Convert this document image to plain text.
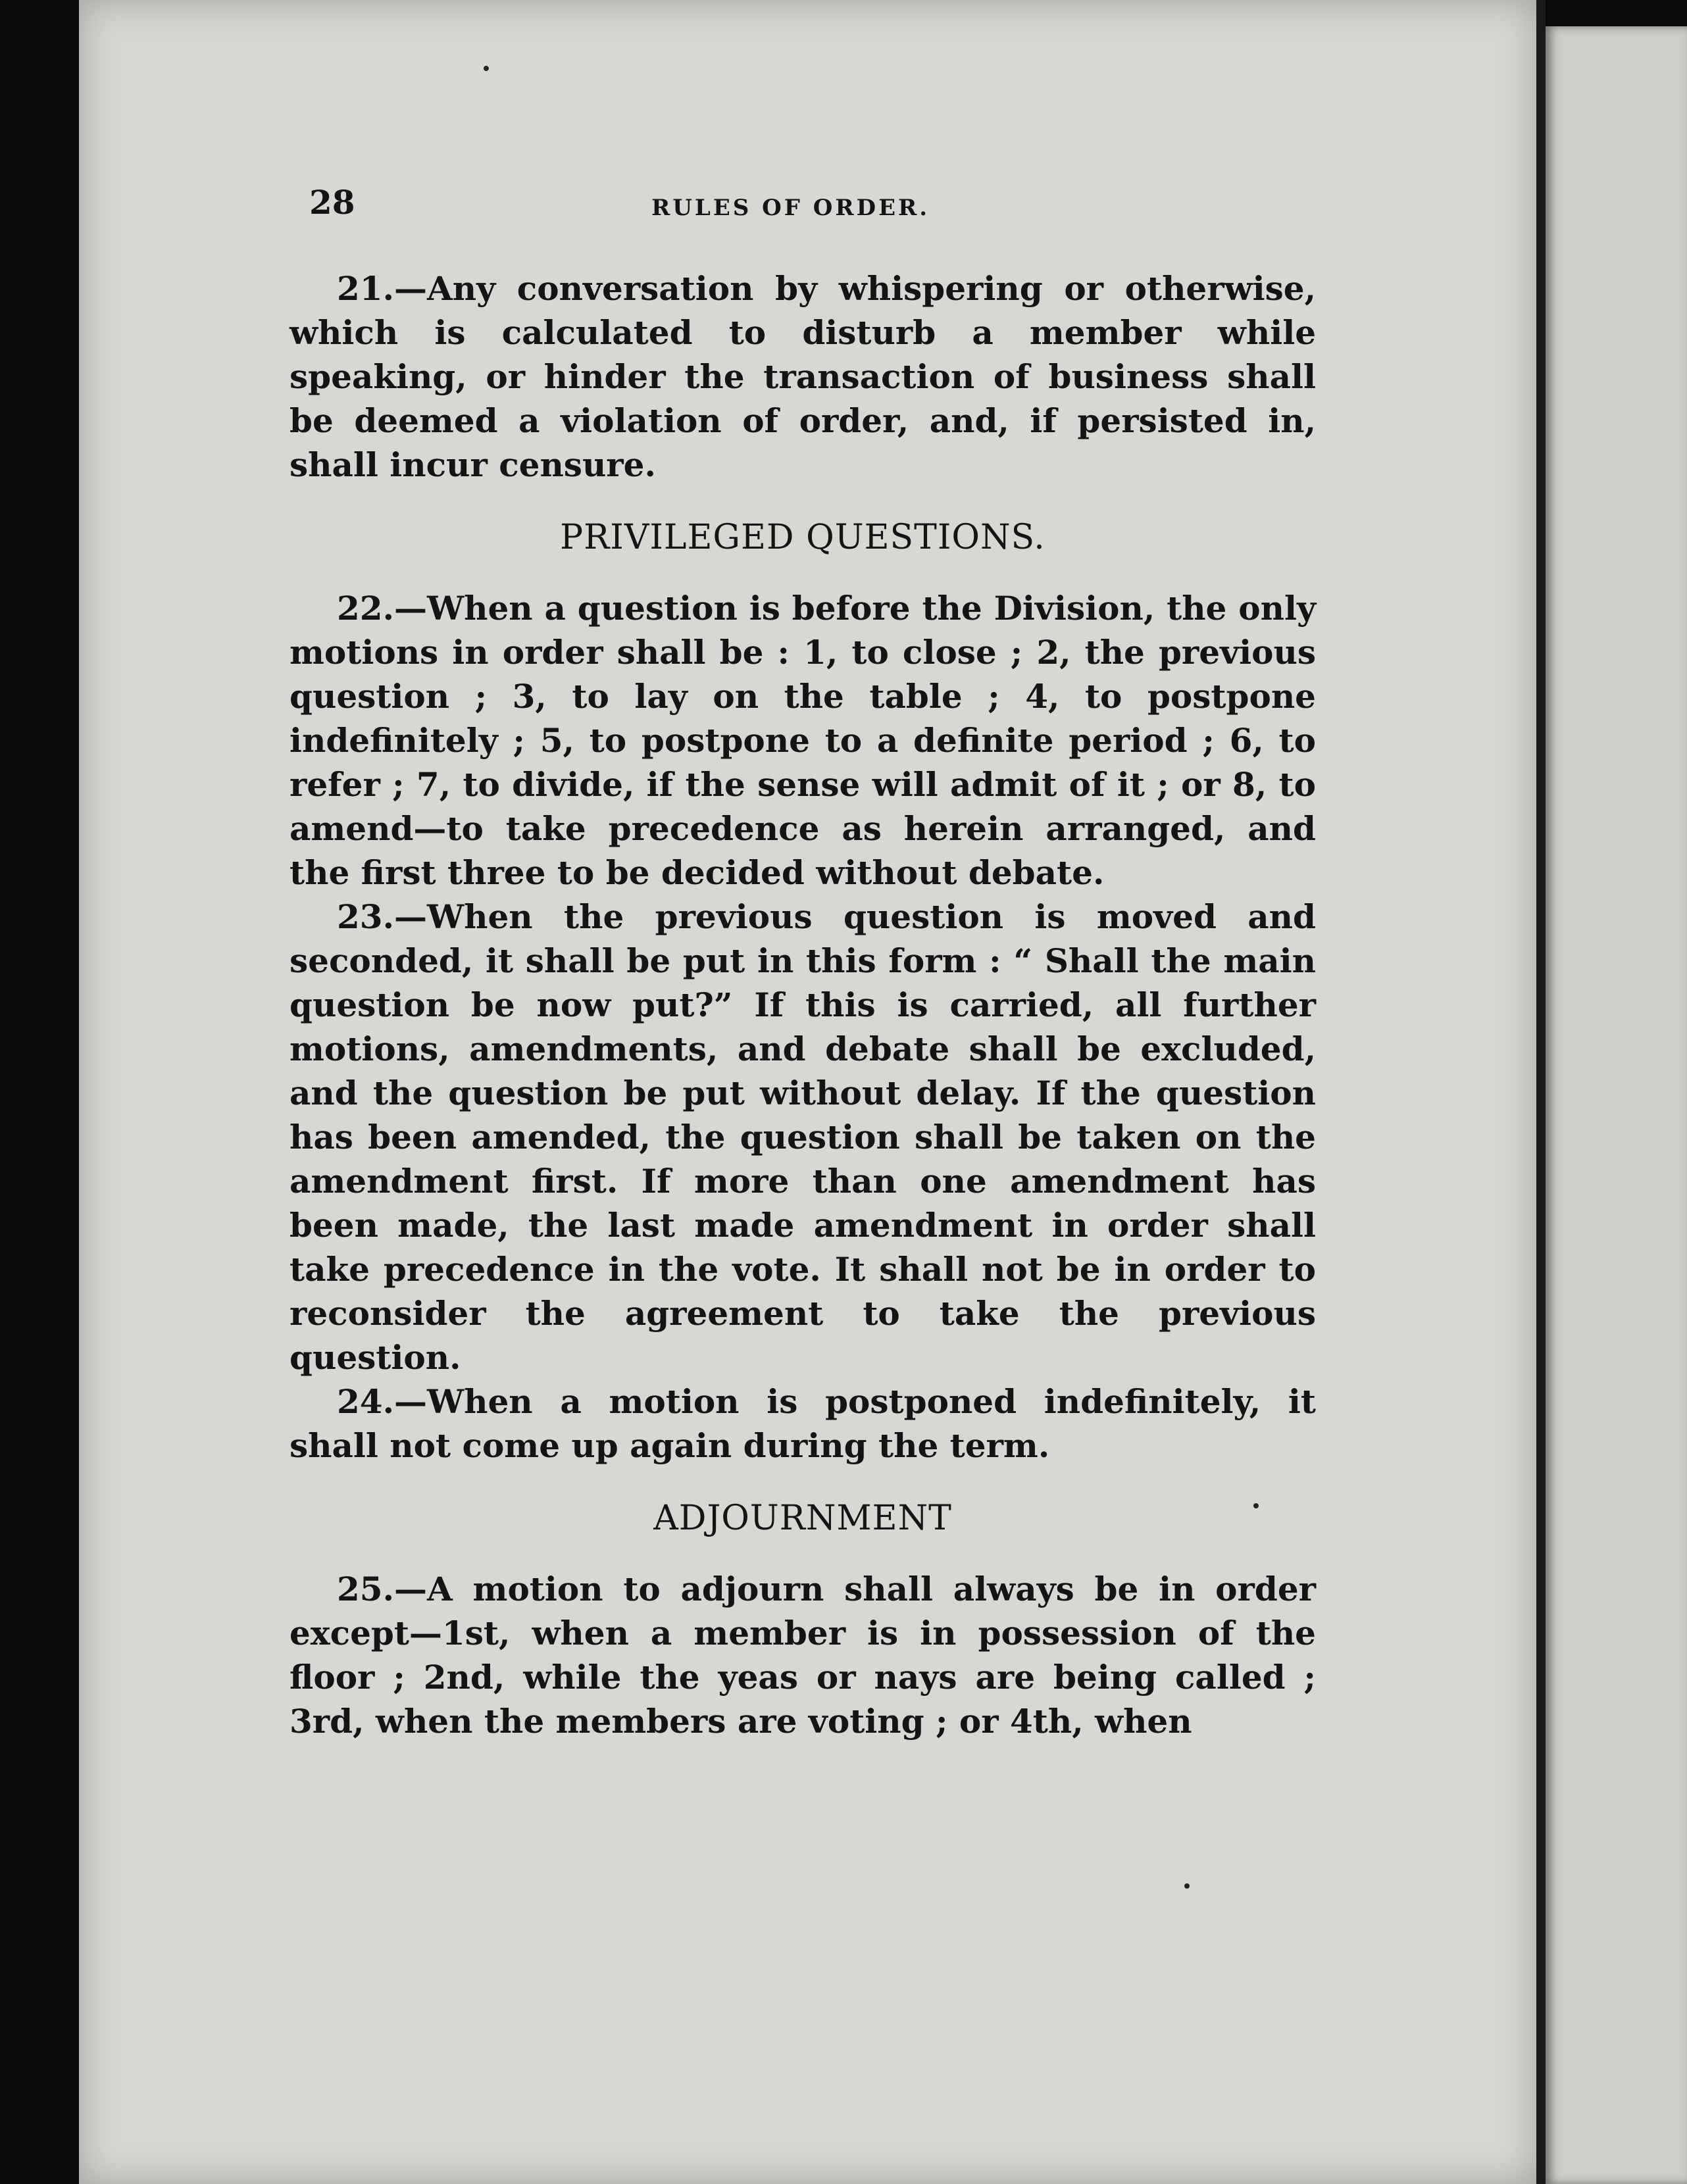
28	RULES OF ORDER.

21.—Any conversation by whispering or otherwise, which is calculated to disturb a member while speaking, or hinder the transaction of business shall be deemed a violation of order, and, if persisted in, shall incur censure.

PRIVILEGED QUESTIONS.

22.—When a question is before the Division, the only motions in order shall be : 1, to close ; 2, the previous question ; 3, to lay on the table ; 4, to postpone indefinitely ; 5, to postpone to a definite period ; 6, to refer ; 7, to divide, if the sense will admit of it ; or 8, to amend—to take precedence as herein arranged, and the first three to be decided without debate.

23.—When the previous question is moved and seconded, it shall be put in this form : “ Shall the main question be now put?” If this is carried, all further motions, amendments, and debate shall be excluded, and the question be put without delay. If the question has been amended, the question shall be taken on the amendment first. If more than one amendment has been made, the last made amendment in order shall take precedence in the vote. It shall not be in order to reconsider the agreement to take the previous question.

24.—When a motion is postponed indefinitely, it shall not come up again during the term.

ADJOURNMENT

25.—A motion to adjourn shall always be in order except—1st, when a member is in possession of the floor ; 2nd, while the yeas or nays are being called ; 3rd, when the members are voting ; or 4th, when
